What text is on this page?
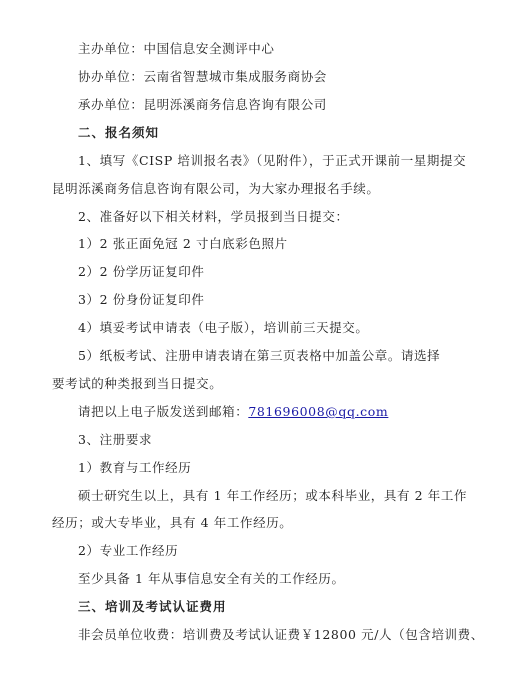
主办单位：中国信息安全测评中心
协办单位：云南省智慧城市集成服务商协会
承办单位：昆明泺溪商务信息咨询有限公司
二、报名须知
1、填写《CISP 培训报名表》（见附件），于正式开课前一星期提交
昆明泺溪商务信息咨询有限公司，为大家办理报名手续。
2、准备好以下相关材料，学员报到当日提交：
1）2 张正面免冠 2 寸白底彩色照片
2）2 份学历证复印件
3）2 份身份证复印件
4）填妥考试申请表（电子版），培训前三天提交。
5）纸板考试、注册申请表请在第三页表格中加盖公章。请选择
要考试的种类报到当日提交。
请把以上电子版发送到邮箱：781696008@qq.com
3、注册要求
1）教育与工作经历
硕士研究生以上，具有 1 年工作经历；或本科毕业，具有 2 年工作
经历；或大专毕业，具有 4 年工作经历。
2）专业工作经历
至少具备 1 年从事信息安全有关的工作经历。
三、培训及考试认证费用
非会员单位收费：培训费及考试认证费￥12800 元/人（包含培训费、
